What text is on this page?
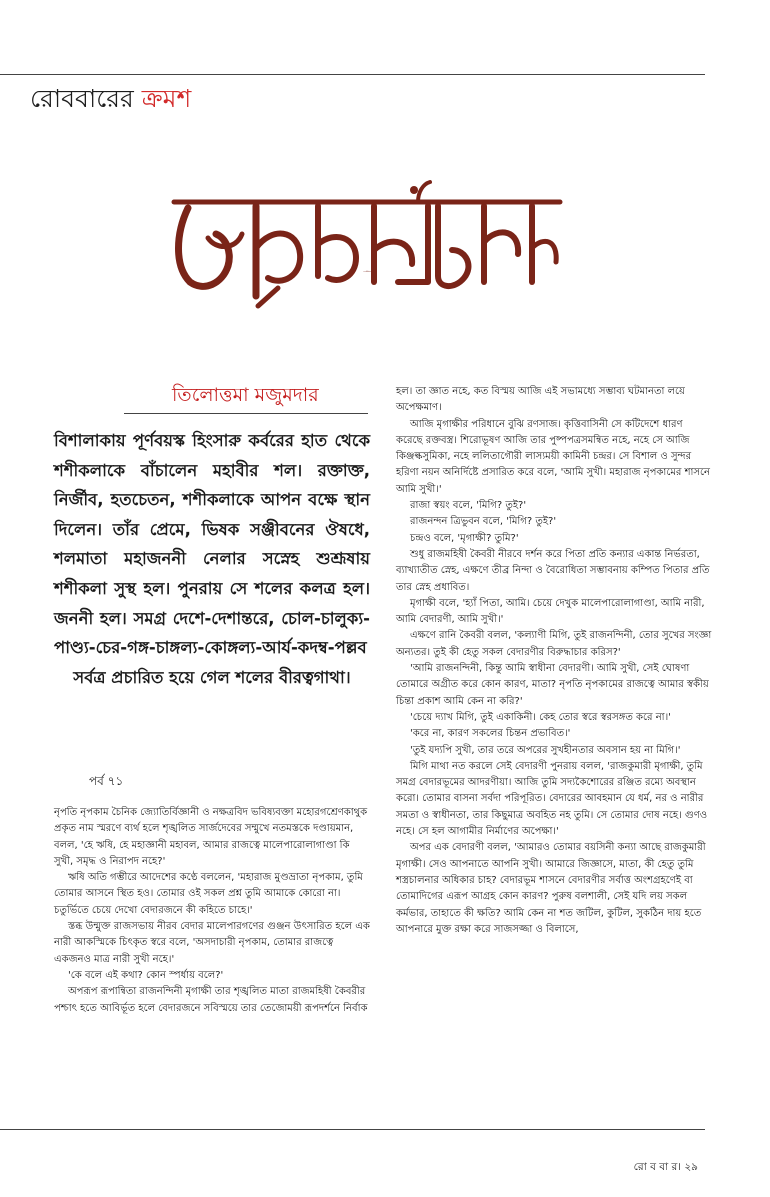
রোববারের ক্রমশ
হৃদয়মঙ্গল
তিলোত্তমা মজুমদার
বিশালাকায় পূর্ণবয়স্ক হিংসারু কর্বরের হাত থেকে শশীকলাকে বাঁচালেন মহাবীর শল। রক্তাক্ত, নির্জীব, হতচেতন, শশীকলাকে আপন বক্ষে স্থান দিলেন। তাঁর প্রেমে, ভিষক সঞ্জীবনের ঔষধে, শলমাতা মহাজননী নেলার সস্নেহ শুশ্রূষায় শশীকলা সুস্থ হল। পুনরায় সে শলের কলত্র হল। জননী হল। সমগ্র দেশে-দেশান্তরে, চোল-চালুক্য-পাণ্ড্য-চের-গঙ্গ-চাঙ্গল্য-কোঙ্গল্য-আর্য-কদম্ব-পল্লব সর্বত্র প্রচারিত হয়ে গেল শলের বীরত্বগাথা।
পর্ব ৭১

নৃপতি নৃপকাম চৈনিক জ্যোতির্বিজ্ঞানী ও নক্ষত্রবিদ ভবিষ্যবক্তা মহোরগশ্রেণকাথুক প্রকৃত নাম স্মরণে ব্যর্থ হলে শৃঙ্খলিত সার্জদেবের সম্মুখে নতমস্তকে দণ্ডায়মান, বলল, 'হে ঋষি, হে মহাজ্ঞানী মহাবল, আমার রাজত্বে মালেপারোলাগাণ্ডা কি সুখী, সমৃদ্ধ ও নিরাপদ নহে?'

ঋষি অতি গম্ভীরে আদেশের কণ্ঠে বললেন, 'মহারাজ মুণ্ডভ্রাতা নৃপকাম, তুমি তোমার আসনে স্থিত হও। তোমার ওই সকল প্রশ্ন তুমি আমাকে কোরো না। চতুর্ভিতে চেয়ে দেখো বেদারজনে কী কহিতে চাহে।'

স্তব্ধ উন্মুক্ত রাজসভায় নীরব বেদার মালেপারগণের গুঞ্জন উৎসারিত হলে এক নারী আকস্মিকে চিৎকৃত স্বরে বলে, 'অসদাচারী নৃপকাম, তোমার রাজত্বে একজনও মাত্র নারী সুখী নহে।'

'কে বলে এই কথা? কোন স্পর্ধায় বলে?'

অপরূপ রূপান্বিতা রাজনন্দিনী মৃগাক্ষী তার শৃঙ্খলিত মাতা রাজমহিষী কৈবরীর পশ্চাৎ হতে আবির্ভূত হলে বেদারজনে সবিস্ময়ে তার তেজোময়ী রূপদর্শনে নির্বাক

হল। তা জ্ঞাত নহে, কত বিস্ময় আজি এই সভামধ্যে সম্ভাব্য ঘটমানতা লয়ে অপেক্ষমাণ।

আজি মৃগাক্ষীর পরিধানে বুঝি রণসাজ। কৃত্তিবাসিনী সে কটিদেশে ধারণ করেছে রক্তবস্ত্র। শিরোভূষণ আজি তার পুষ্পপত্রসমন্বিত নহে, নহে সে আজি কিঞ্জল্কসুমিকা, নহে ললিতাগৌরী লাস্যময়ী কামিনী চন্দ্রর। সে বিশাল ও সুন্দর হরিণা নয়ন অনির্দিষ্টে প্রসারিত করে বলে, 'আমি সুখী। মহারাজ নৃপকামের শাসনে আমি সুখী।'

রাজা স্বয়ং বলে, 'মিগি? তুই?'

রাজনন্দন ত্রিভুবন বলে, 'মিগি? তুই?'

চন্দ্রও বলে, 'মৃগাক্ষী? তুমি?'

শুধু রাজমহিষী কৈবরী নীরবে দর্শন করে পিতা প্রতি কন্যার একান্ত নির্ভরতা, ব্যাখ্যাতীত স্নেহ, এক্ষণে তীব্র নিন্দা ও বৈরোধিতা সম্ভাবনায় কম্পিত পিতার প্রতি তার স্নেহ প্রধাবিত।

মৃগাক্ষী বলে, 'হ্যাঁ পিতা, আমি। চেয়ে দেখুক মালেপারোলাগাণ্ডা, আমি নারী, আমি বেদারণী, আমি সুখী।'

এক্ষণে রানি কৈবরী বলল, 'কল্যাণী মিগি, তুই রাজনন্দিনী, তোর সুখের সংজ্ঞা অন্যতর। তুই কী হেতু সকল বেদারণীর বিরুদ্ধাচার করিস?'

'আমি রাজনন্দিনী, কিন্তু আমি স্বাধীনা বেদারণী। আমি সুখী, সেই ঘোষণা তোমারে অগ্রীত করে কোন কারণ, মাতা? নৃপতি নৃপকামের রাজত্বে আমার স্বকীয় চিন্তা প্রকাশ আমি কেন না করি?'

'চেয়ে দ্যাখ মিগি, তুই একাকিনী। কেহ তোর স্বরে স্বরসঙ্গত করে না।'

'করে না, কারণ সকলের চিন্তন প্রভাবিত।'

'তুই যদ্যপি সুখী, তার তরে অপরের সুখহীনতার অবসান হয় না মিগি।'

মিগি মাথা নত করলে সেই বেদারণী পুনরায় বলল, 'রাজকুমারী মৃগাক্ষী, তুমি সমগ্র বেদারভূমের আদরণীয়া। আজি তুমি সদ্যকৈশোরের রঞ্জিত রম্যে অবস্থান করো। তোমার বাসনা সর্বদা পরিপূরিত। বেদারের আবহমান যে ধর্ম, নর ও নারীর সমতা ও স্বাধীনতা, তার কিছুমাত্র অবহিত নহ তুমি। সে তোমার দোষ নহে। গুণও নহে। সে হল আগামীর নির্মাণের অপেক্ষা।'

অপর এক বেদারণী বলল, 'আমারও তোমার বয়সিনী কন্যা আছে রাজকুমারী মৃগাক্ষী। সেও আপনাতে আপনি সুখী। আমারে জিজ্ঞাসে, মাতা, কী হেতু তুমি শস্ত্রচালনার অধিকার চাহ? বেদারভূম শাসনে বেদারণীর সর্বাত্ত অংশগ্রহণেই বা তোমাদিগের এরূপ আগ্রহ কোন কারণ? পুরুষ বলশালী, সেই যদি লয় সকল কর্মভার, তাহাতে কী ক্ষতি? আমি কেন না শত জটিল, কুটিল, সুকঠিন দায় হতে আপনারে মুক্ত রক্ষা করে সাজসজ্জা ও বিলাসে,

রো ব বা র। ২৯
